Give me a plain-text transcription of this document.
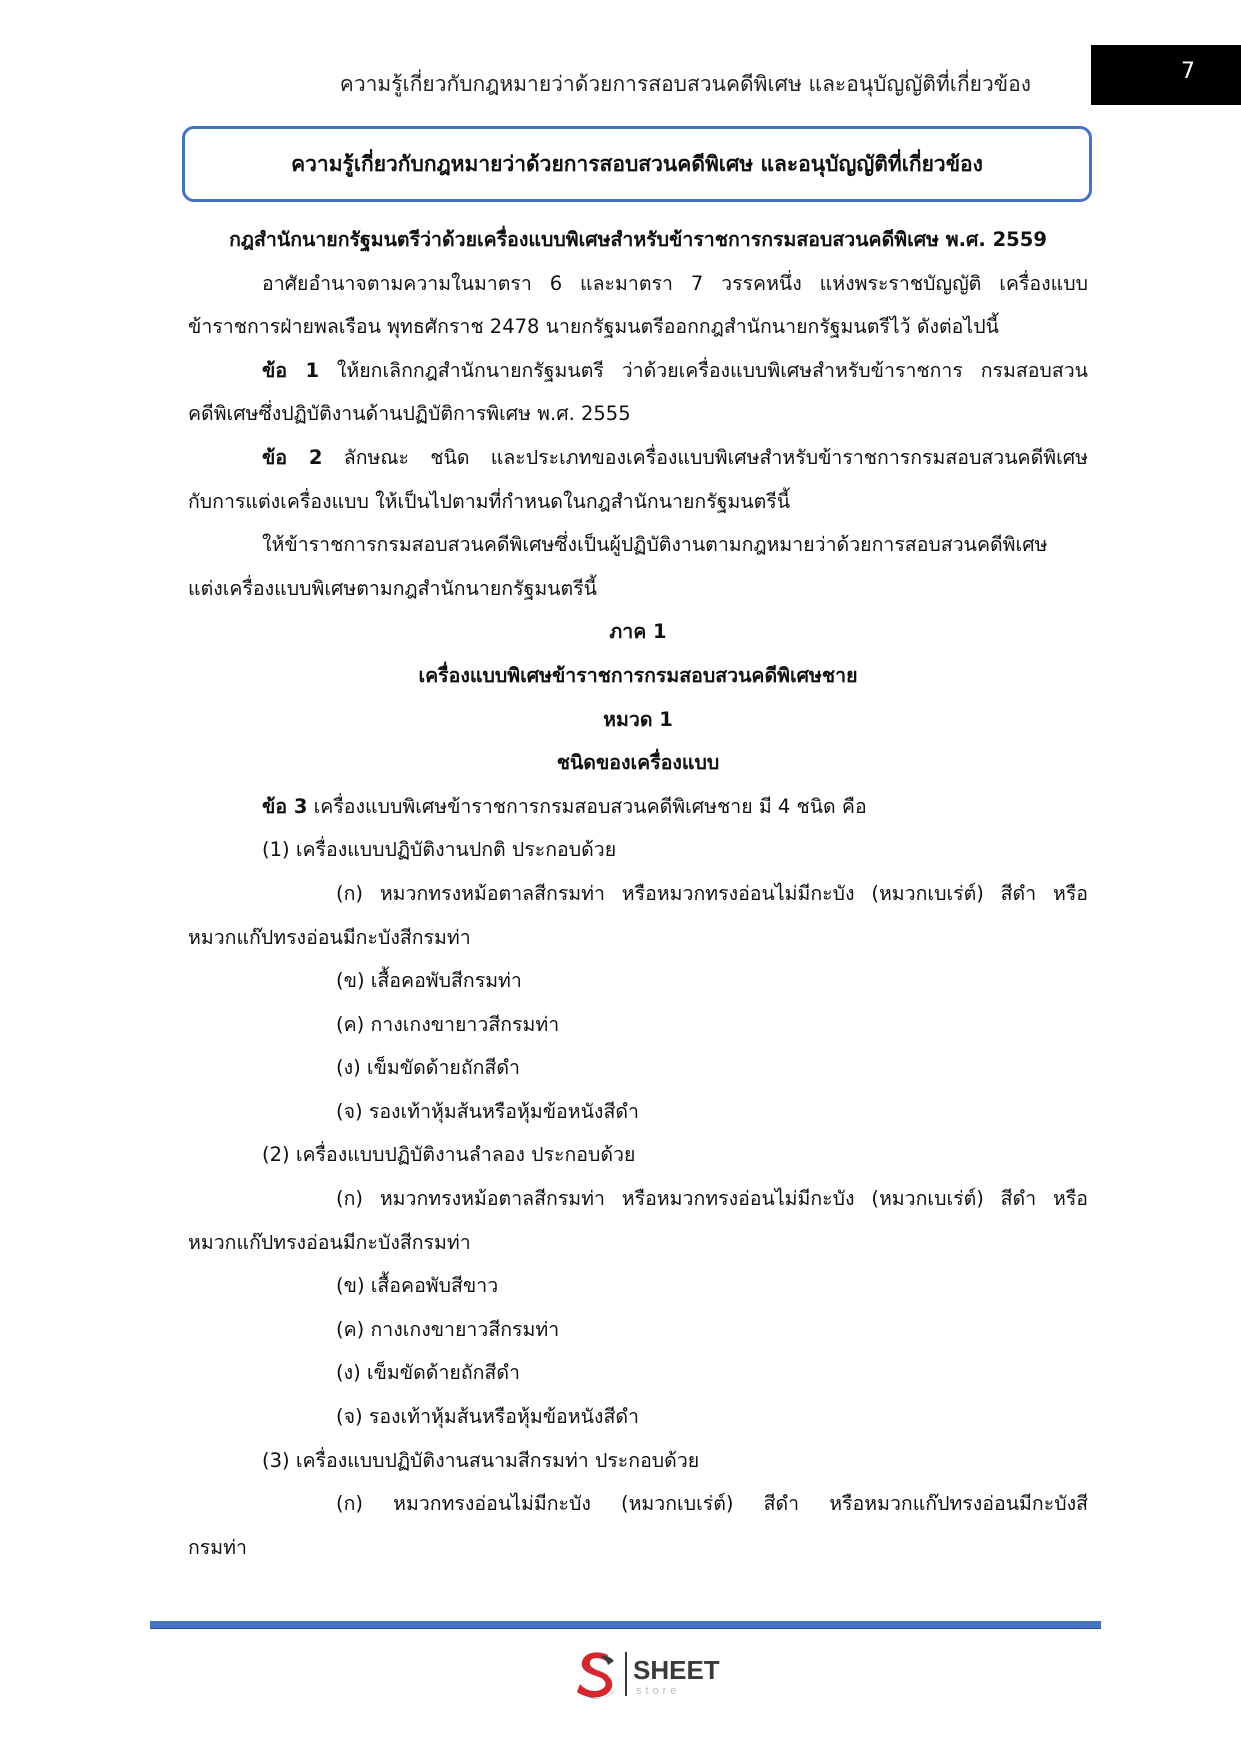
ความรู้เกี่ยวกับกฎหมายว่าด้วยการสอบสวนคดีพิเศษ และอนุบัญญัติที่เกี่ยวข้อง	7
ความรู้เกี่ยวกับกฎหมายว่าด้วยการสอบสวนคดีพิเศษ และอนุบัญญัติที่เกี่ยวข้อง

กฎสำนักนายกรัฐมนตรีว่าด้วยเครื่องแบบพิเศษสำหรับข้าราชการกรมสอบสวนคดีพิเศษ พ.ศ. 2559

อาศัยอำนาจตามความในมาตรา 6 และมาตรา 7 วรรคหนึ่ง แห่งพระราชบัญญัติ เครื่องแบบ

ข้าราชการฝ่ายพลเรือน พุทธศักราช 2478 นายกรัฐมนตรีออกกฎสำนักนายกรัฐมนตรีไว้ ดังต่อไปนี้

ข้อ 1 ให้ยกเลิกกฎสำนักนายกรัฐมนตรี ว่าด้วยเครื่องแบบพิเศษสำหรับข้าราชการ กรมสอบสวน

คดีพิเศษซึ่งปฏิบัติงานด้านปฏิบัติการพิเศษ พ.ศ. 2555

ข้อ 2 ลักษณะ ชนิด และประเภทของเครื่องแบบพิเศษสำหรับข้าราชการกรมสอบสวนคดีพิเศษ

กับการแต่งเครื่องแบบ ให้เป็นไปตามที่กำหนดในกฎสำนักนายกรัฐมนตรีนี้

ให้ข้าราชการกรมสอบสวนคดีพิเศษซึ่งเป็นผู้ปฏิบัติงานตามกฎหมายว่าด้วยการสอบสวนคดีพิเศษ

แต่งเครื่องแบบพิเศษตามกฎสำนักนายกรัฐมนตรีนี้

ภาค 1

เครื่องแบบพิเศษข้าราชการกรมสอบสวนคดีพิเศษชาย

หมวด 1

ชนิดของเครื่องแบบ

ข้อ 3 เครื่องแบบพิเศษข้าราชการกรมสอบสวนคดีพิเศษชาย มี 4 ชนิด คือ

(1) เครื่องแบบปฏิบัติงานปกติ ประกอบด้วย

(ก) หมวกทรงหม้อตาลสีกรมท่า หรือหมวกทรงอ่อนไม่มีกะบัง (หมวกเบเร่ต์) สีดำ หรือ

หมวกแก๊ปทรงอ่อนมีกะบังสีกรมท่า

(ข) เสื้อคอพับสีกรมท่า

(ค) กางเกงขายาวสีกรมท่า

(ง) เข็มขัดด้ายถักสีดำ

(จ) รองเท้าหุ้มส้นหรือหุ้มข้อหนังสีดำ

(2) เครื่องแบบปฏิบัติงานลำลอง ประกอบด้วย

(ก) หมวกทรงหม้อตาลสีกรมท่า หรือหมวกทรงอ่อนไม่มีกะบัง (หมวกเบเร่ต์) สีดำ หรือ

หมวกแก๊ปทรงอ่อนมีกะบังสีกรมท่า

(ข) เสื้อคอพับสีขาว

(ค) กางเกงขายาวสีกรมท่า

(ง) เข็มขัดด้ายถักสีดำ

(จ) รองเท้าหุ้มส้นหรือหุ้มข้อหนังสีดำ

(3) เครื่องแบบปฏิบัติงานสนามสีกรมท่า ประกอบด้วย

(ก) หมวกทรงอ่อนไม่มีกะบัง (หมวกเบเร่ต์) สีดำ หรือหมวกแก๊ปทรงอ่อนมีกะบังสี

กรมท่า

SHEET
store
